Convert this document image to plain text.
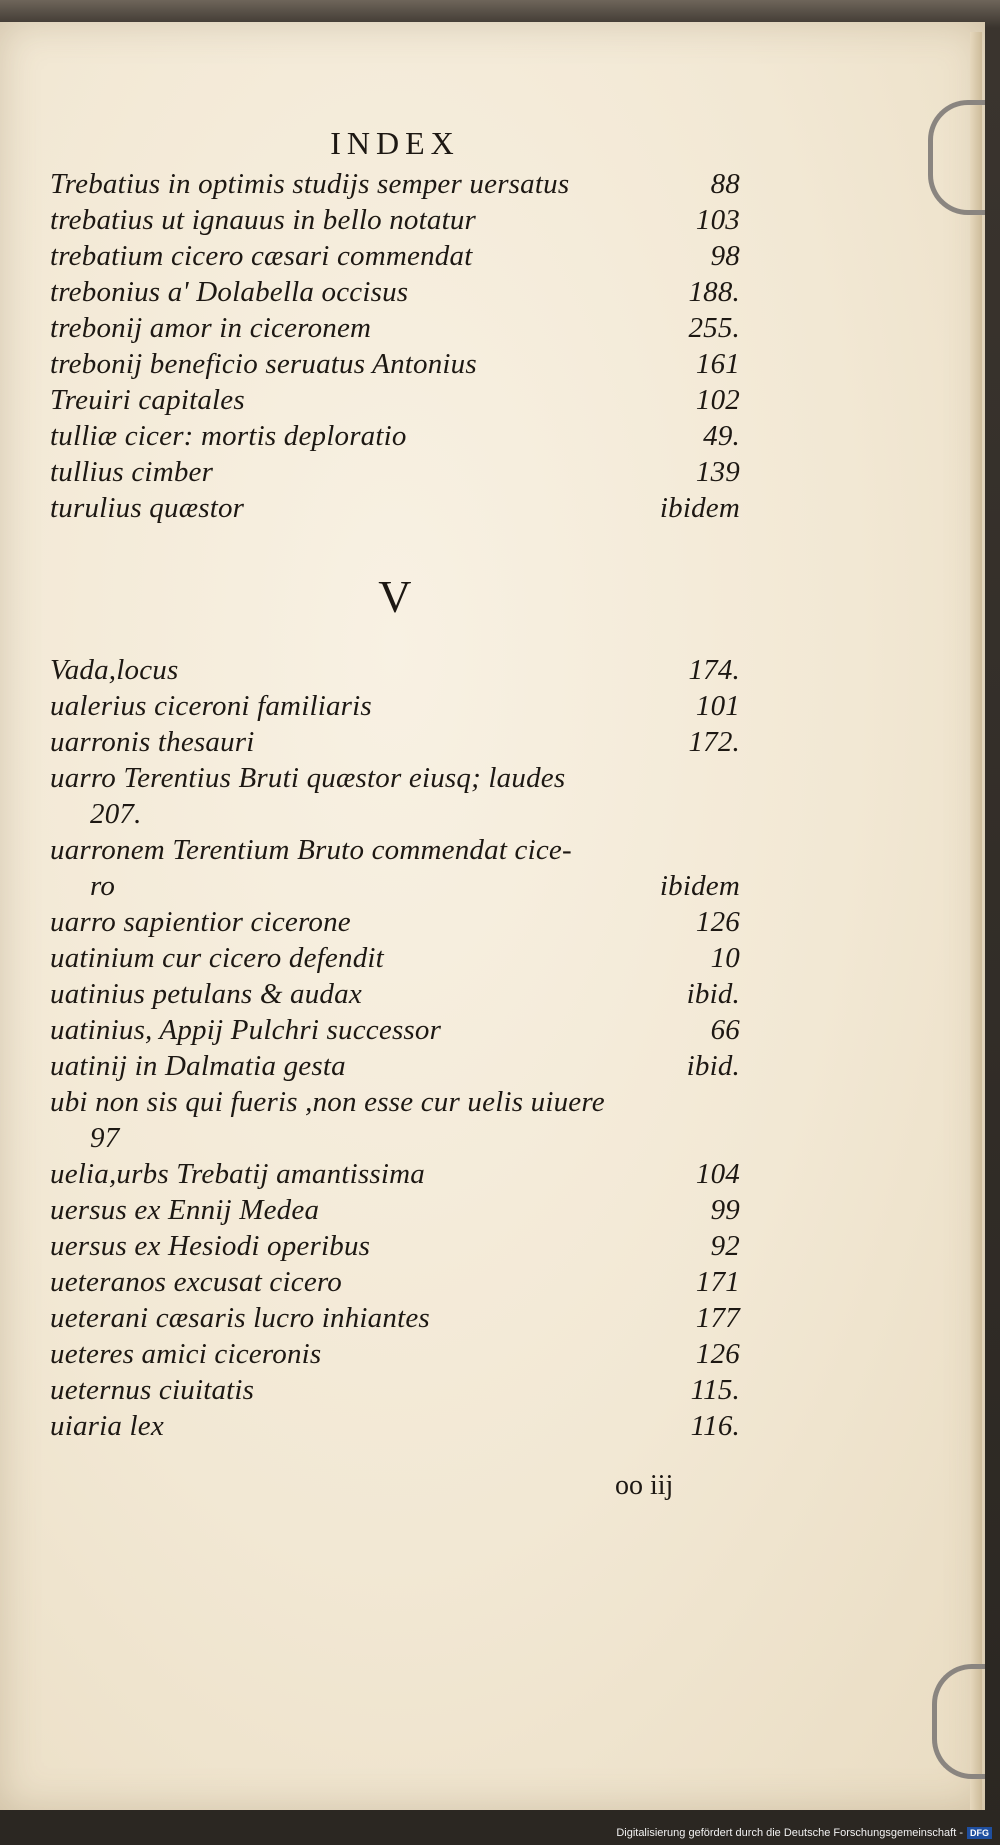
INDEX
Trebatius in optimis studijs semper uersatus	88
trebatius ut ignauus in bello notatur	103
trebatium cicero cæsari commendat	98
trebonius a' Dolabella occisus	188.
trebonij amor in ciceronem	255.
trebonij beneficio seruatus Antonius	161
Treuiri capitales	102
tulliæ cicer: mortis deploratio	49.
tullius cimber	139
turulius quæstor	ibidem
V
Vada,locus	174.
ualerius ciceroni familiaris	101
uarronis thesauri	172.
uarro Terentius Bruti quæstor eiusq; laudes
207.
uarronem Terentium Bruto commendat cice-
ro	ibidem
uarro sapientior cicerone	126
uatinium cur cicero defendit	10
uatinius petulans & audax	ibid.
uatinius, Appij Pulchri successor	66
uatinij in Dalmatia gesta	ibid.
ubi non sis qui fueris ,non esse cur uelis uiuere
97
uelia,urbs Trebatij amantissima	104
uersus ex Ennij Medea	99
uersus ex Hesiodi operibus	92
ueteranos excusat cicero	171
ueterani cæsaris lucro inhiantes	177
ueteres amici ciceronis	126
ueternus ciuitatis	115.
uiaria lex	116.
oo iij
Digitalisierung gefördert durch die Deutsche Forschungsgemeinschaft - DFG
